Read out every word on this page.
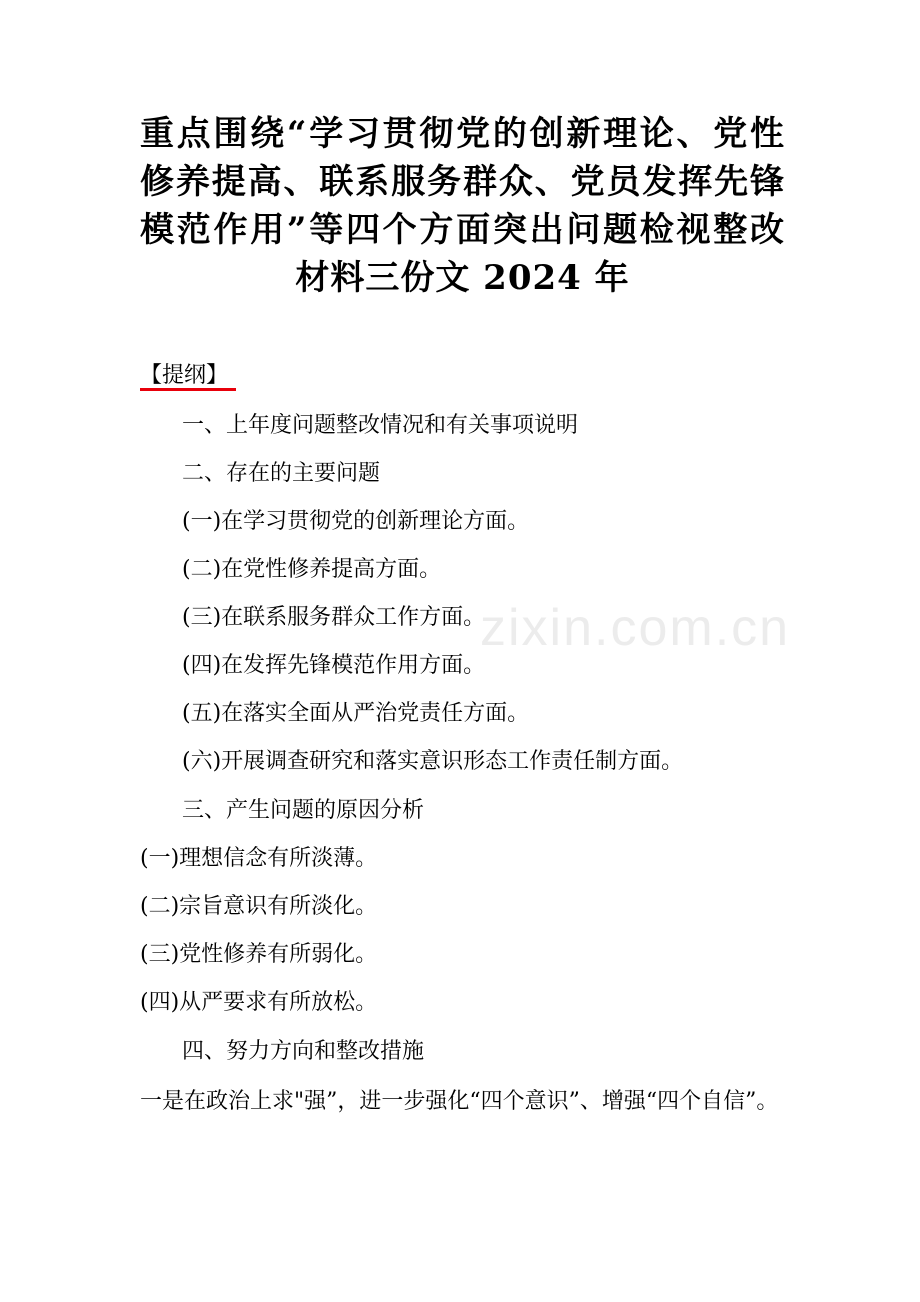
重点围绕“学习贯彻党的创新理论、党性修养提高、联系服务群众、党员发挥先锋模范作用”等四个方面突出问题检视整改材料三份文 2024 年
【提纲】
一、上年度问题整改情况和有关事项说明
二、存在的主要问题
(一)在学习贯彻党的创新理论方面。
(二)在党性修养提高方面。
(三)在联系服务群众工作方面。
(四)在发挥先锋模范作用方面。
(五)在落实全面从严治党责任方面。
(六)开展调查研究和落实意识形态工作责任制方面。
三、产生问题的原因分析
(一)理想信念有所淡薄。
(二)宗旨意识有所淡化。
(三)党性修养有所弱化。
(四)从严要求有所放松。
四、努力方向和整改措施
一是在政治上求"强”，进一步强化“四个意识”、增强“四个自信”。
zixin.com.cn
